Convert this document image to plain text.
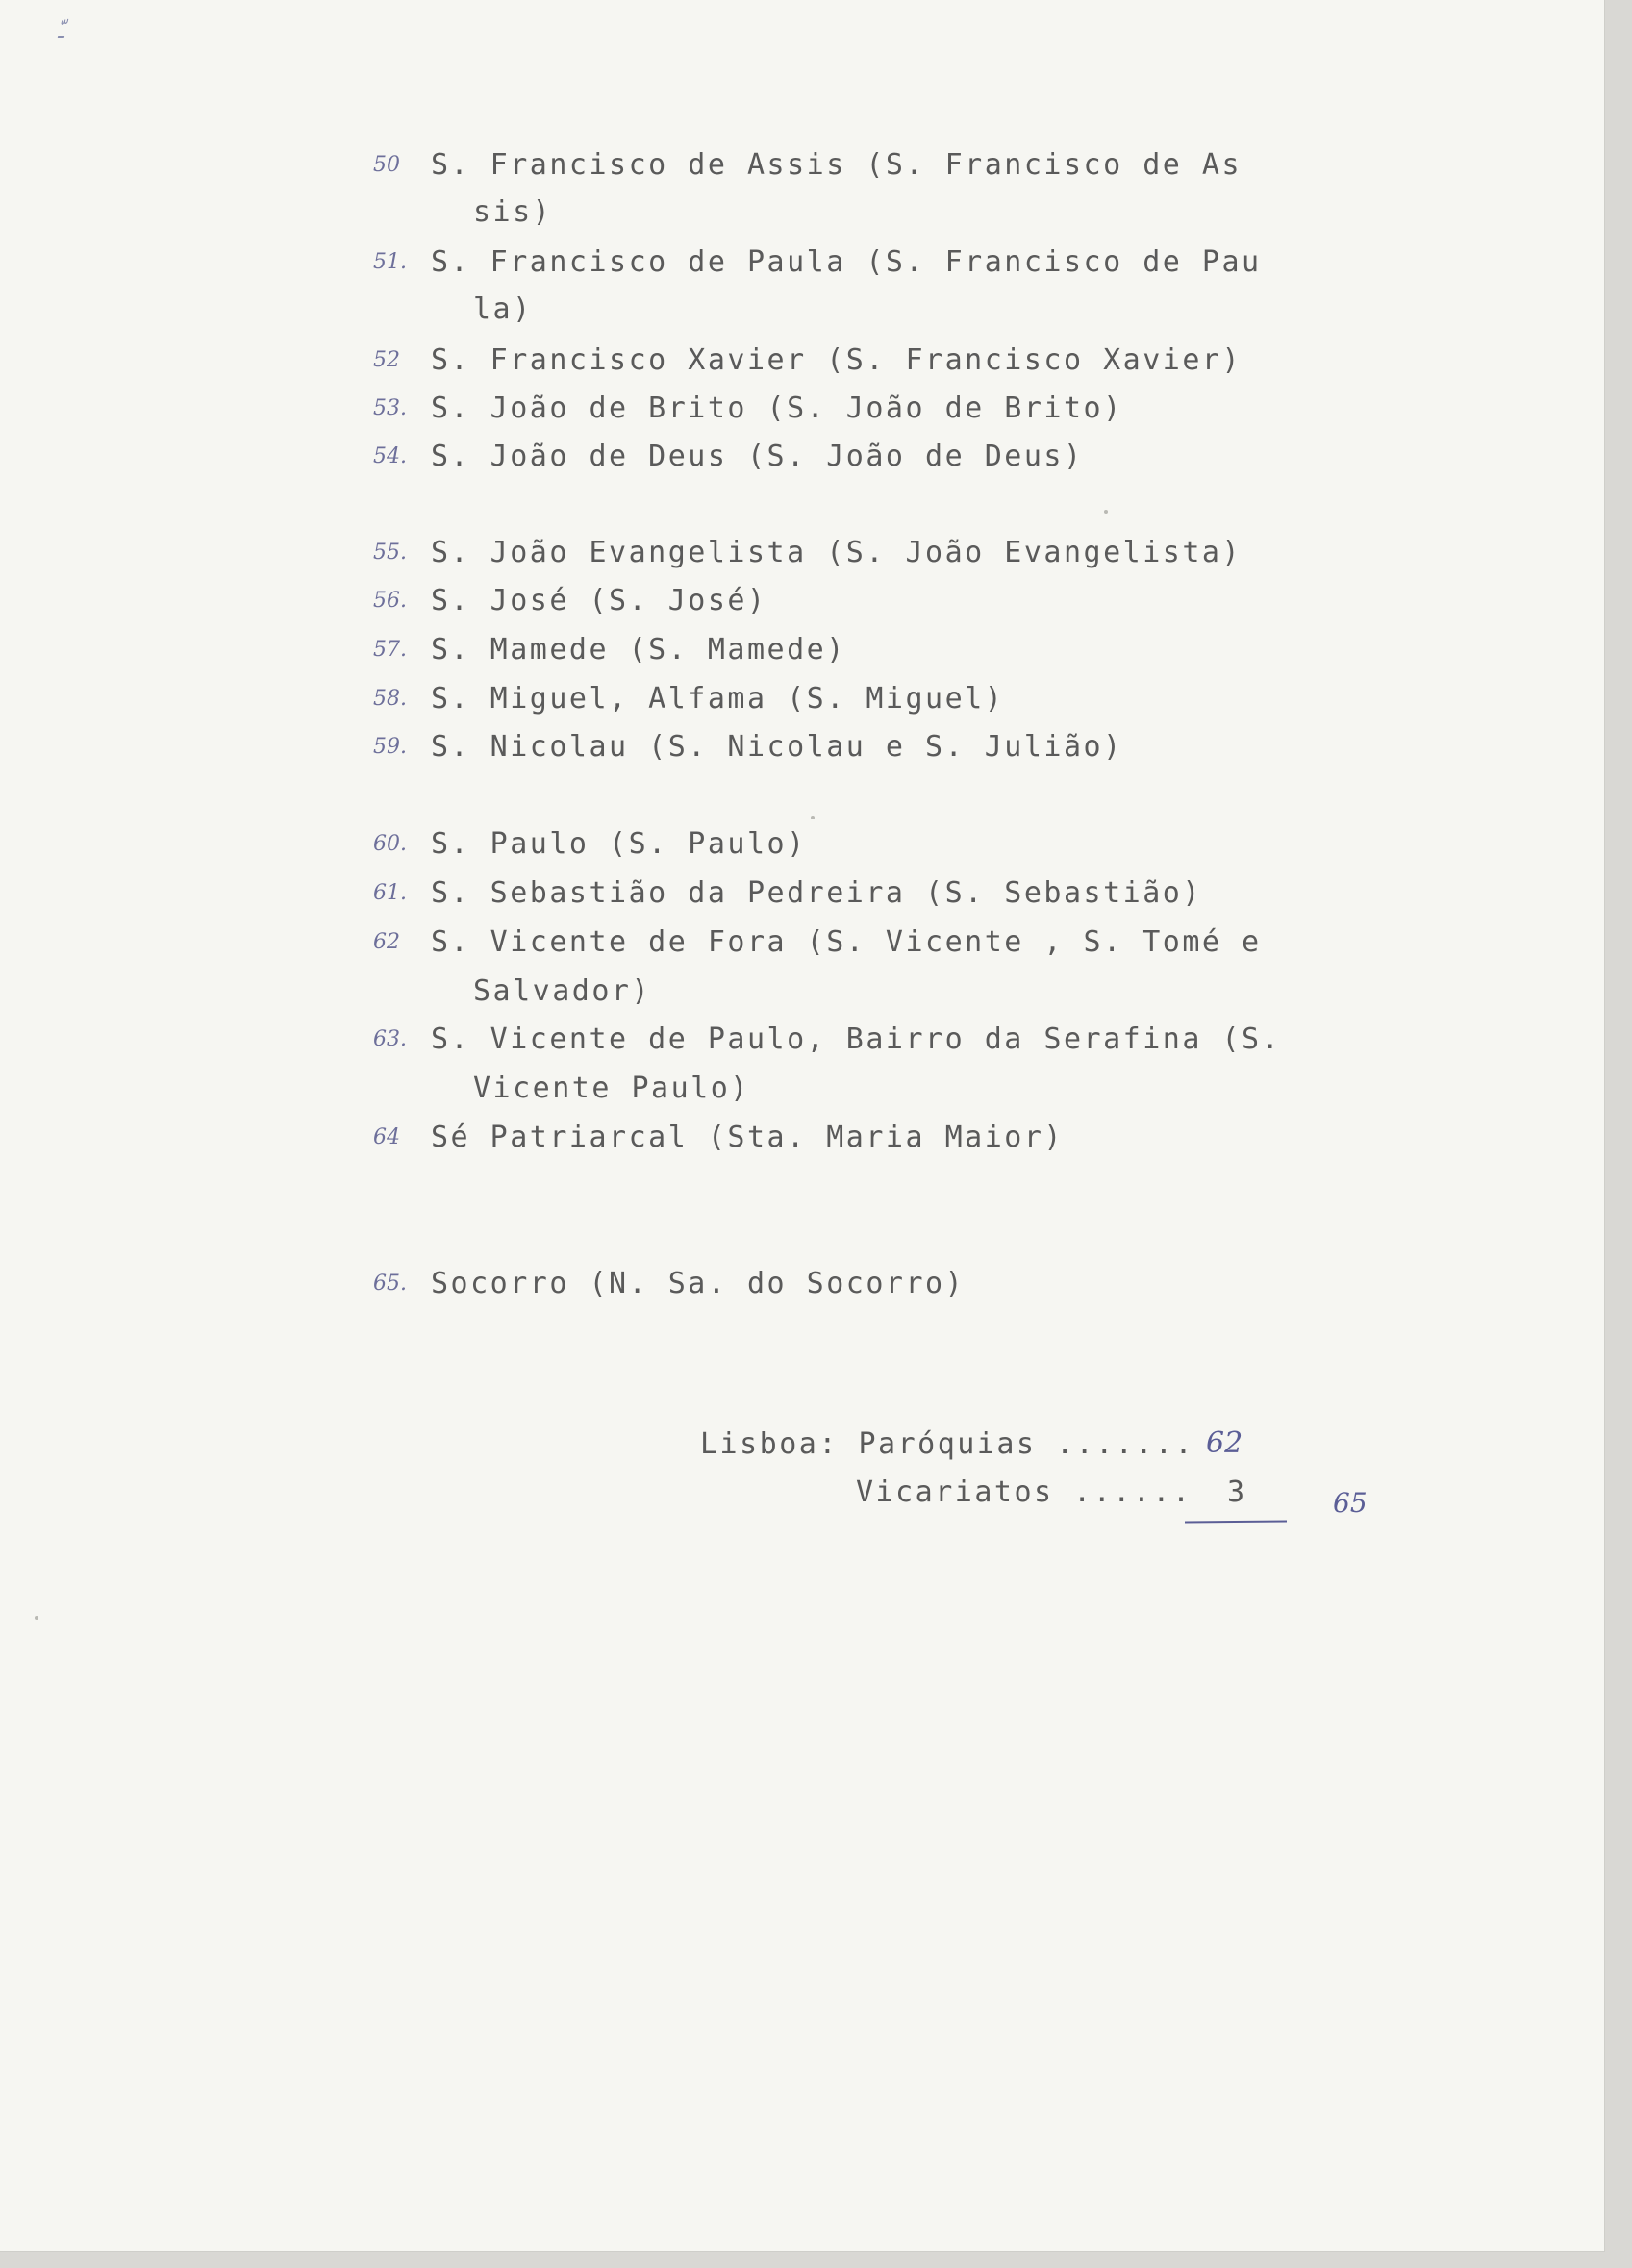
ـّ
50	S. Francisco de Assis (S. Francisco de As
sis)
51. S. Francisco de Paula (S. Francisco de Pau
la)
52	S. Francisco Xavier (S. Francisco Xavier)
53. S. João de Brito (S. João de Brito)
54. S. João de Deus (S. João de Deus)
55. S. João Evangelista (S. João Evangelista)
56. S. José (S. José)
57. S. Mamede (S. Mamede)
58. S. Miguel, Alfama (S. Miguel)
59. S. Nicolau (S. Nicolau e S. Julião)
60. S. Paulo (S. Paulo)
61. S. Sebastião da Pedreira (S. Sebastião)
62	S. Vicente de Fora (S. Vicente , S. Tomé e
Salvador)
63. S. Vicente de Paulo, Bairro da Serafina (S.
Vicente Paulo)
64	Sé Patriarcal (Sta. Maria Maior)
65. Socorro (N. Sa. do Socorro)
Lisboa: Paróquias ....... 62
Vicariatos ...... 3	65
